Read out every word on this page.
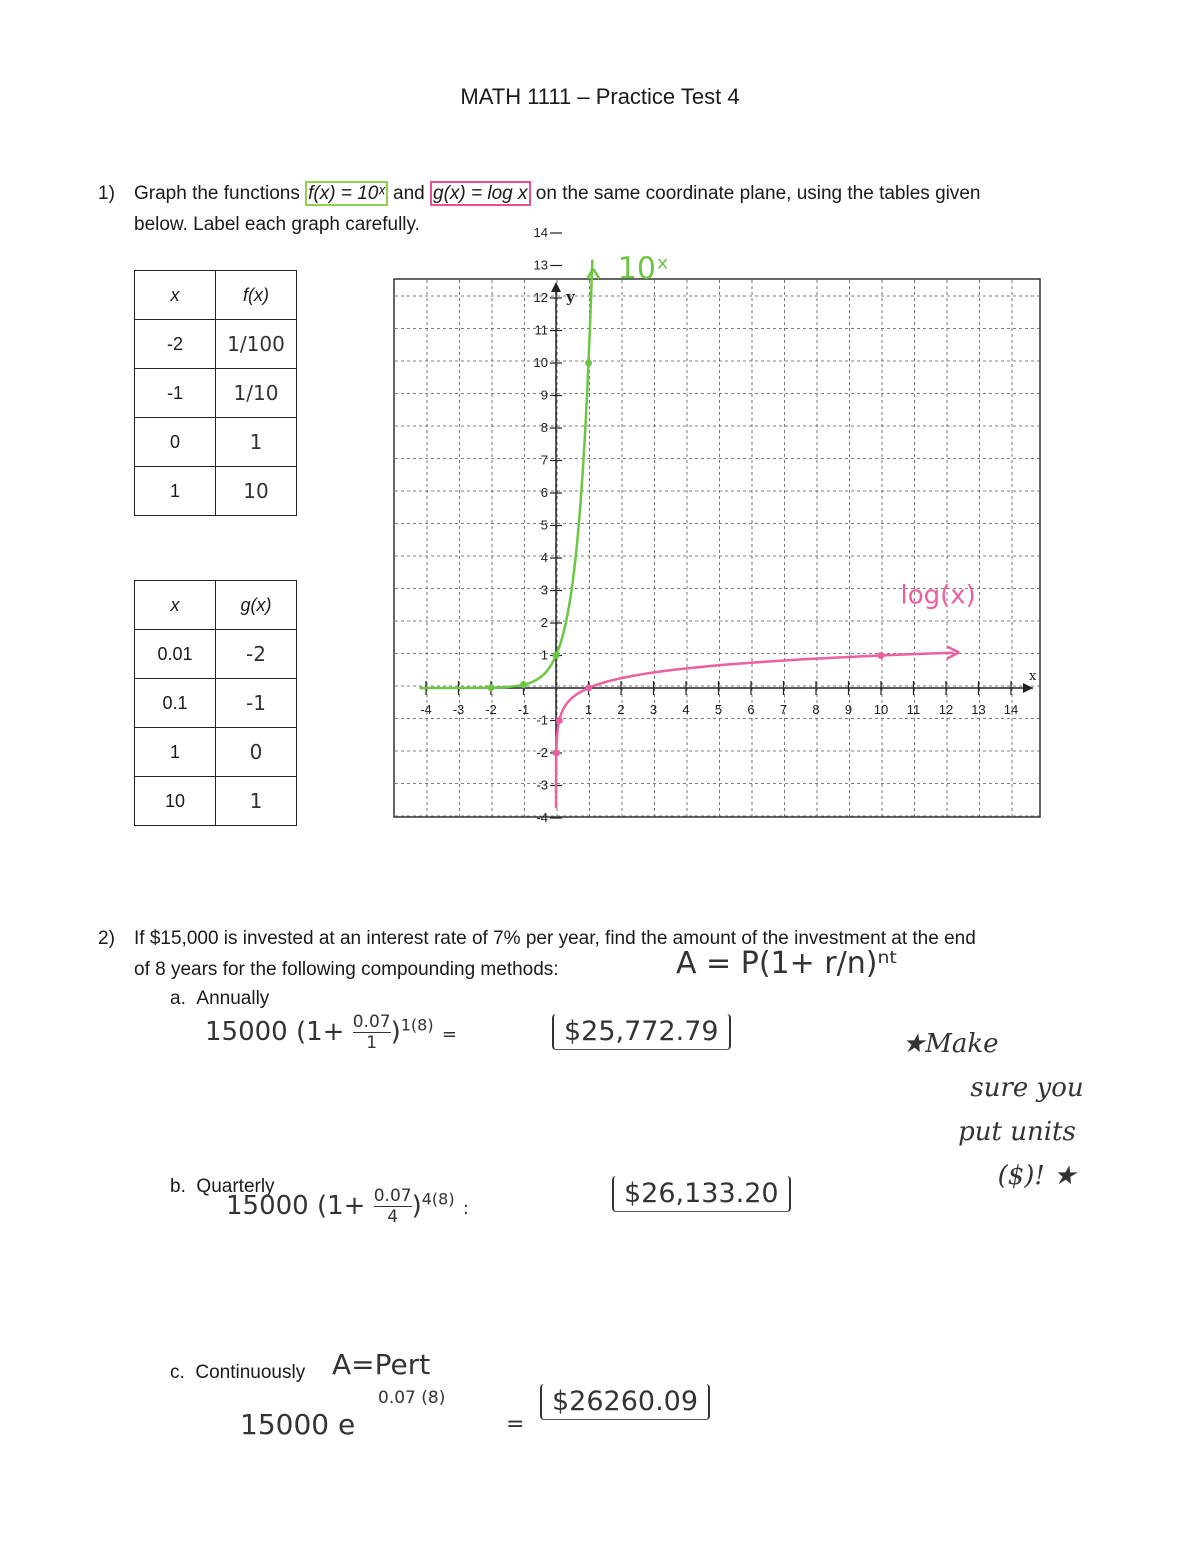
MATH 1111 – Practice Test 4
1) Graph the functions f(x) = 10ˣ and g(x) = log x on the same coordinate plane, using the tables given
below. Label each graph carefully.
x	f(x)
-2	1/100
-1	1/10
0	1
1	10
x	g(x)
0.01	-2
0.1	-1
1	0
10	1
-4 -3 -2 -1	1 2 3 4 5 6 7 8 9 10 11 12 13 14
14
13
12
11
10
9
8
7
6
5
4
3
2
1
-1
-2
-3
-4
x
y
10ˣ
log(x)
2) If $15,000 is invested at an interest rate of 7% per year, find the amount of the investment at the end
of 8 years for the following compounding methods:	A = P(1+ r/n)ⁿᵗ
a. Annually
15000 $(1+ \frac{0.07}{1} )^{1(8)}$ =	$25,772.79
b. Quarterly
15000 $(1+ \frac{0.07}{4} )^{4(8)}$ :	$26,133.20
c. Continuously A=Pert
0.07 (8)
15000 e	=
$26260.09
★Make
sure you
put units
($)! ★
